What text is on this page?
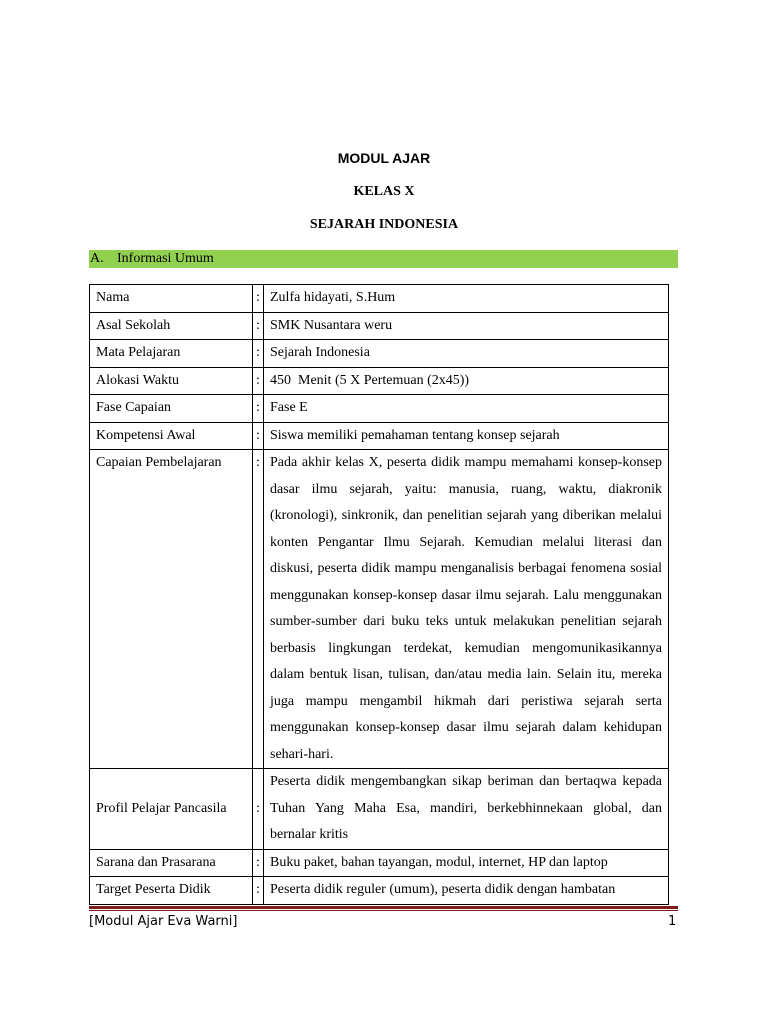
MODUL AJAR
KELAS X
SEJARAH INDONESIA
A. Informasi Umum
Nama	:	Zulfa hidayati, S.Hum
Asal Sekolah	:	SMK Nusantara weru
Mata Pelajaran	:	Sejarah Indonesia
Alokasi Waktu	:	450  Menit (5 X Pertemuan (2x45))
Fase Capaian	:	Fase E
Kompetensi Awal	:	Siswa memiliki pemahaman tentang konsep sejarah
Capaian Pembelajaran	:	Pada akhir kelas X, peserta didik mampu memahami konsep-konsep dasar ilmu sejarah, yaitu: manusia, ruang, waktu, diakronik (kronologi), sinkronik, dan penelitian sejarah yang diberikan melalui konten Pengantar Ilmu Sejarah. Kemudian melalui literasi dan diskusi, peserta didik mampu menganalisis berbagai fenomena sosial menggunakan konsep-konsep dasar ilmu sejarah. Lalu menggunakan sumber-sumber dari buku teks untuk melakukan penelitian sejarah berbasis lingkungan terdekat, kemudian mengomunikasikannya dalam bentuk lisan, tulisan, dan/atau media lain. Selain itu, mereka juga mampu mengambil hikmah dari peristiwa sejarah serta menggunakan konsep-konsep dasar ilmu sejarah dalam kehidupan sehari-hari.
Profil Pelajar Pancasila	:	Peserta didik mengembangkan sikap beriman dan bertaqwa kepada Tuhan Yang Maha Esa, mandiri, berkebhinnekaan global, dan bernalar kritis
Sarana dan Prasarana	:	Buku paket, bahan tayangan, modul, internet, HP dan laptop
Target Peserta Didik	:	Peserta didik reguler (umum), peserta didik dengan hambatan
[Modul Ajar Eva Warni]	1
